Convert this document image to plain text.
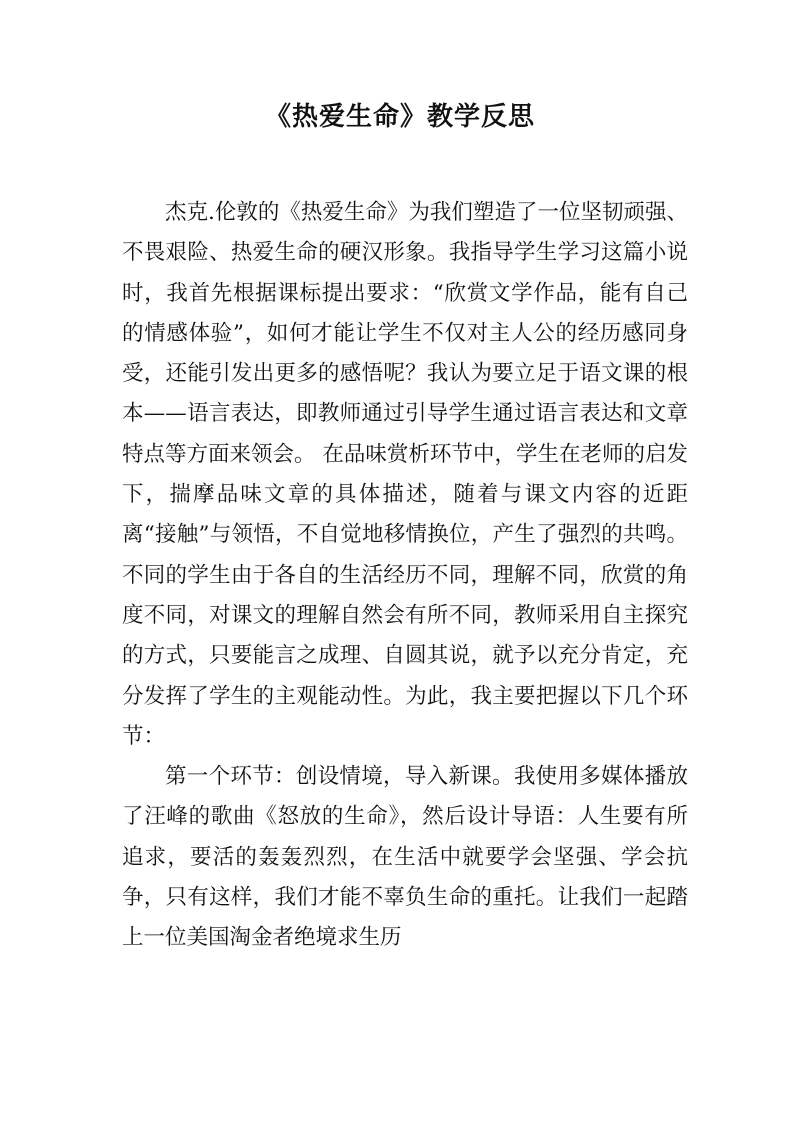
《热爱生命》教学反思

杰克.伦敦的《热爱生命》为我们塑造了一位坚韧顽强、不畏艰险、热爱生命的硬汉形象。我指导学生学习这篇小说时，我首先根据课标提出要求：“欣赏文学作品，能有自己的情感体验”，如何才能让学生不仅对主人公的经历感同身受，还能引发出更多的感悟呢？我认为要立足于语文课的根本——语言表达，即教师通过引导学生通过语言表达和文章特点等方面来领会。 在品味赏析环节中，学生在老师的启发下，揣摩品味文章的具体描述，随着与课文内容的近距离“接触”与领悟，不自觉地移情换位，产生了强烈的共鸣。不同的学生由于各自的生活经历不同，理解不同，欣赏的角度不同，对课文的理解自然会有所不同，教师采用自主探究的方式，只要能言之成理、自圆其说，就予以充分肯定，充分发挥了学生的主观能动性。为此，我主要把握以下几个环节：

第一个环节：创设情境，导入新课。我使用多媒体播放了汪峰的歌曲《怒放的生命》，然后设计导语：人生要有所追求，要活的轰轰烈烈，在生活中就要学会坚强、学会抗争，只有这样，我们才能不辜负生命的重托。让我们一起踏上一位美国淘金者绝境求生历
